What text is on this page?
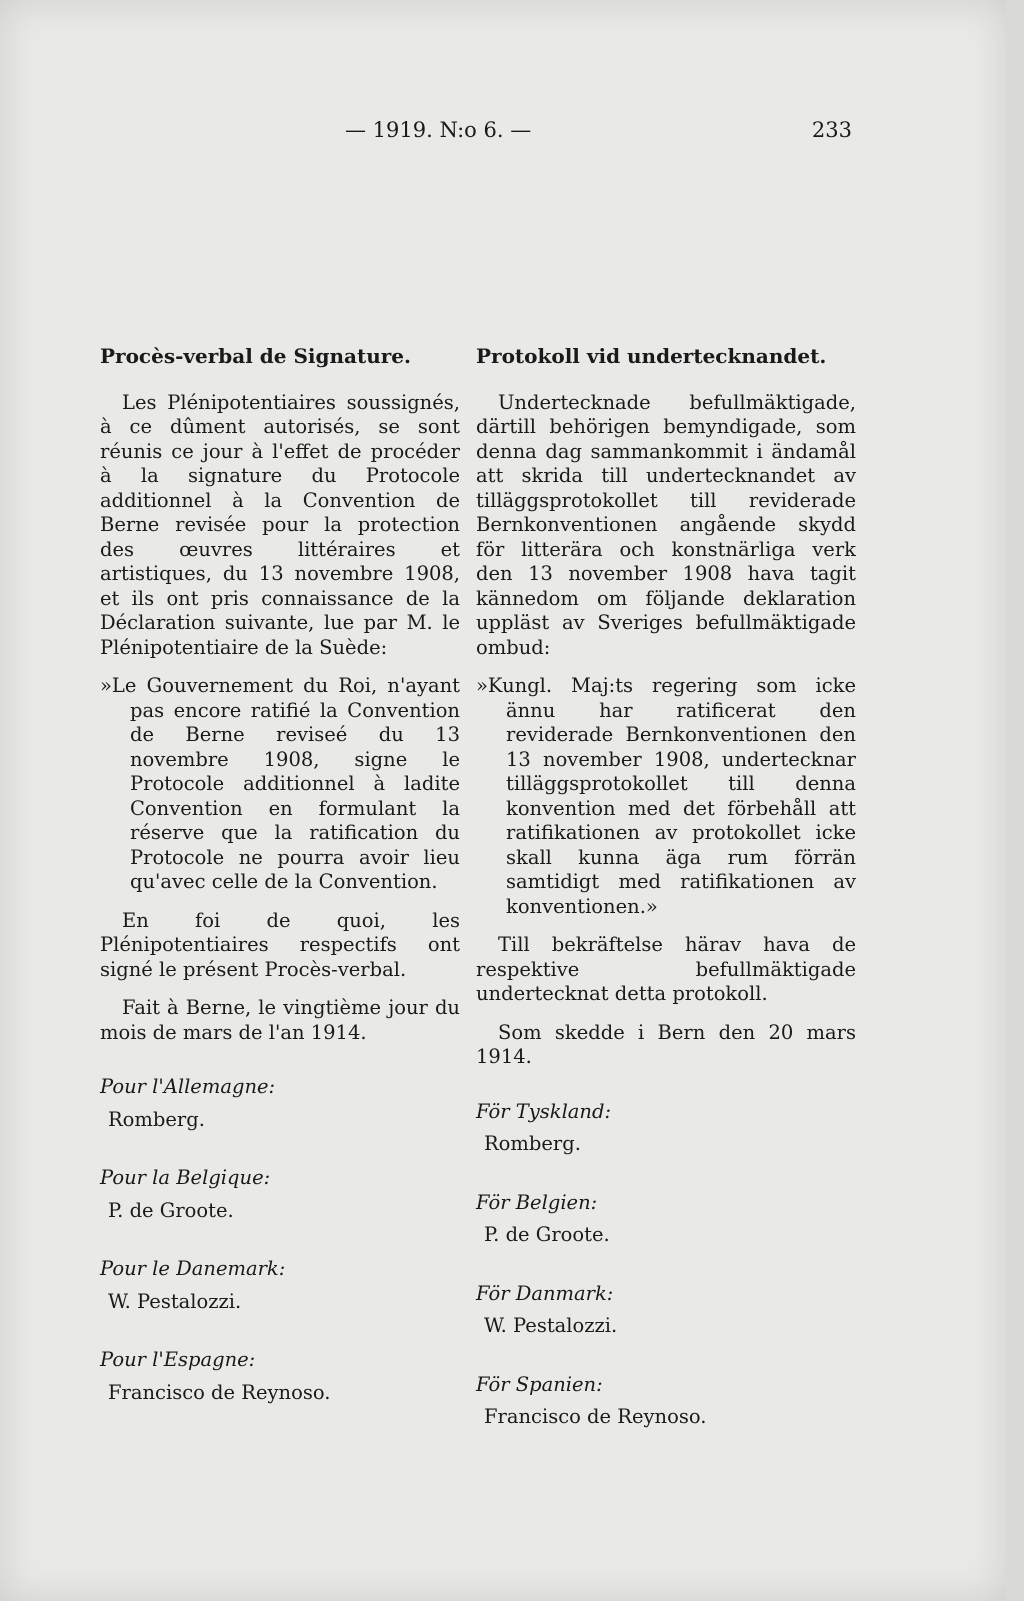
— 1919. N:o 6. —	233

Procès-verbal de Signature.

Les Plénipotentiaires soussignés, à ce dûment autorisés, se sont réunis ce jour à l'effet de procéder à la signature du Protocole additionnel à la Convention de Berne revisée pour la protection des œuvres littéraires et artistiques, du 13 novembre 1908, et ils ont pris connaissance de la Déclaration suivante, lue par M. le Plénipotentiaire de la Suède:

»Le Gouvernement du Roi, n'ayant pas encore ratifié la Convention de Berne reviseé du 13 novembre 1908, signe le Protocole additionnel à ladite Convention en formulant la réserve que la ratification du Protocole ne pourra avoir lieu qu'avec celle de la Convention.

En foi de quoi, les Plénipotentiaires respectifs ont signé le présent Procès-verbal.

Fait à Berne, le vingtième jour du mois de mars de l'an 1914.

Pour l'Allemagne:

Romberg.

Pour la Belgique:

P. de Groote.

Pour le Danemark:

W. Pestalozzi.

Pour l'Espagne:

Francisco de Reynoso.

Protokoll vid undertecknandet.

Undertecknade befullmäktigade, därtill behörigen bemyndigade, som denna dag sammankommit i ändamål att skrida till undertecknandet av tilläggsprotokollet till reviderade Bernkonventionen angående skydd för litterära och konstnärliga verk den 13 november 1908 hava tagit kännedom om följande deklaration uppläst av Sveriges befullmäktigade ombud:

»Kungl. Maj:ts regering som icke ännu har ratificerat den reviderade Bernkonventionen den 13 november 1908, undertecknar tilläggsprotokollet till denna konvention med det förbehåll att ratifikationen av protokollet icke skall kunna äga rum förrän samtidigt med ratifikationen av konventionen.»

Till bekräftelse härav hava de respektive befullmäktigade undertecknat detta protokoll.

Som skedde i Bern den 20 mars 1914.

För Tyskland:

Romberg.

För Belgien:

P. de Groote.

För Danmark:

W. Pestalozzi.

För Spanien:

Francisco de Reynoso.
